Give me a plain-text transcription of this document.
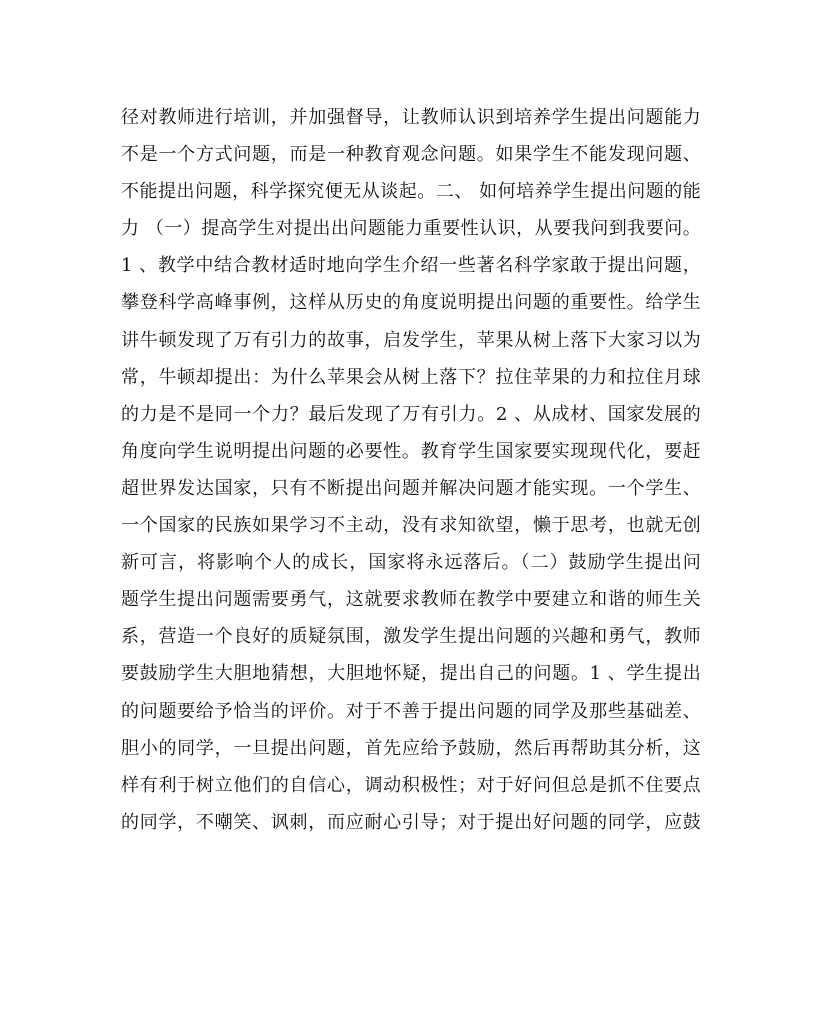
径对教师进行培训，并加强督导，让教师认识到培养学生提出问题能力
不是一个方式问题，而是一种教育观念问题。如果学生不能发现问题、
不能提出问题，科学探究便无从谈起。二、 如何培养学生提出问题的能
力 （一）提高学生对提出出问题能力重要性认识，从要我问到我要问。
1 、教学中结合教材适时地向学生介绍一些著名科学家敢于提出问题，
攀登科学高峰事例，这样从历史的角度说明提出问题的重要性。给学生
讲牛顿发现了万有引力的故事，启发学生，苹果从树上落下大家习以为
常，牛顿却提出：为什么苹果会从树上落下？拉住苹果的力和拉住月球
的力是不是同一个力？最后发现了万有引力。2 、从成材、国家发展的
角度向学生说明提出问题的必要性。教育学生国家要实现现代化，要赶
超世界发达国家，只有不断提出问题并解决问题才能实现。一个学生、
一个国家的民族如果学习不主动，没有求知欲望，懒于思考，也就无创
新可言，将影响个人的成长，国家将永远落后。（二）鼓励学生提出问
题学生提出问题需要勇气，这就要求教师在教学中要建立和谐的师生关
系，营造一个良好的质疑氛围，激发学生提出问题的兴趣和勇气，教师
要鼓励学生大胆地猜想，大胆地怀疑，提出自己的问题。1 、学生提出
的问题要给予恰当的评价。对于不善于提出问题的同学及那些基础差、
胆小的同学，一旦提出问题，首先应给予鼓励，然后再帮助其分析，这
样有利于树立他们的自信心，调动积极性；对于好问但总是抓不住要点
的同学，不嘲笑、讽刺，而应耐心引导；对于提出好问题的同学，应鼓
